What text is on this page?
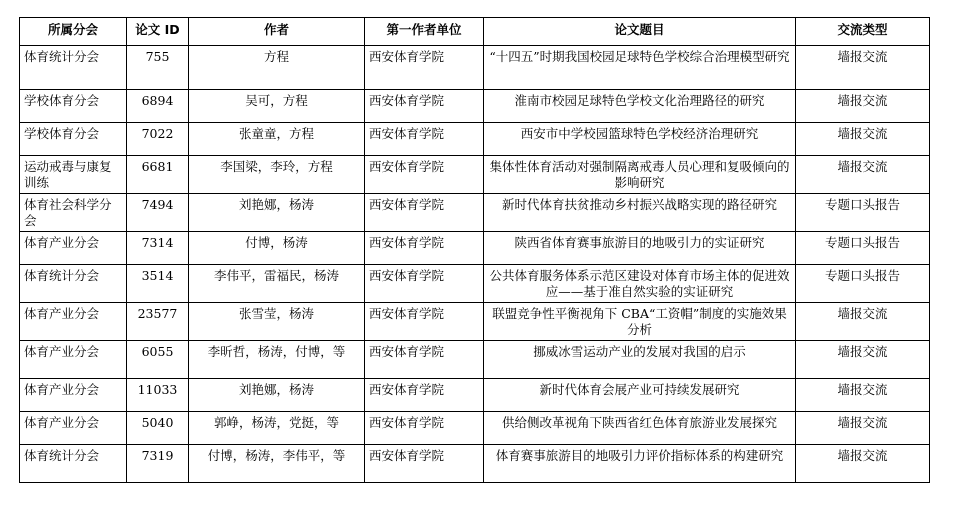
所属分会	论文 ID	作者	第一作者单位	论文题目	交流类型
体育统计分会	755	方程	西安体育学院	“十四五”时期我国校园足球特色学校综合治理模型研究	墙报交流
学校体育分会	6894	吴可，方程	西安体育学院	淮南市校园足球特色学校文化治理路径的研究	墙报交流
学校体育分会	7022	张童童，方程	西安体育学院	西安市中学校园篮球特色学校经济治理研究	墙报交流
运动戒毒与康复训练	6681	李国梁，李玲，方程	西安体育学院	集体性体育活动对强制隔离戒毒人员心理和复吸倾向的影响研究	墙报交流
体育社会科学分会	7494	刘艳娜，杨涛	西安体育学院	新时代体育扶贫推动乡村振兴战略实现的路径研究	专题口头报告
体育产业分会	7314	付博，杨涛	西安体育学院	陕西省体育赛事旅游目的地吸引力的实证研究	专题口头报告
体育统计分会	3514	李伟平，雷福民，杨涛	西安体育学院	公共体育服务体系示范区建设对体育市场主体的促进效应——基于准自然实验的实证研究	专题口头报告
体育产业分会	23577	张雪莹，杨涛	西安体育学院	联盟竞争性平衡视角下 CBA“工资帽”制度的实施效果分析	墙报交流
体育产业分会	6055	李昕哲，杨涛，付博，等	西安体育学院	挪威冰雪运动产业的发展对我国的启示	墙报交流
体育产业分会	11033	刘艳娜，杨涛	西安体育学院	新时代体育会展产业可持续发展研究	墙报交流
体育产业分会	5040	郭峥，杨涛，党挺，等	西安体育学院	供给侧改革视角下陕西省红色体育旅游业发展探究	墙报交流
体育统计分会	7319	付博，杨涛，李伟平，等	西安体育学院	体育赛事旅游目的地吸引力评价指标体系的构建研究	墙报交流
